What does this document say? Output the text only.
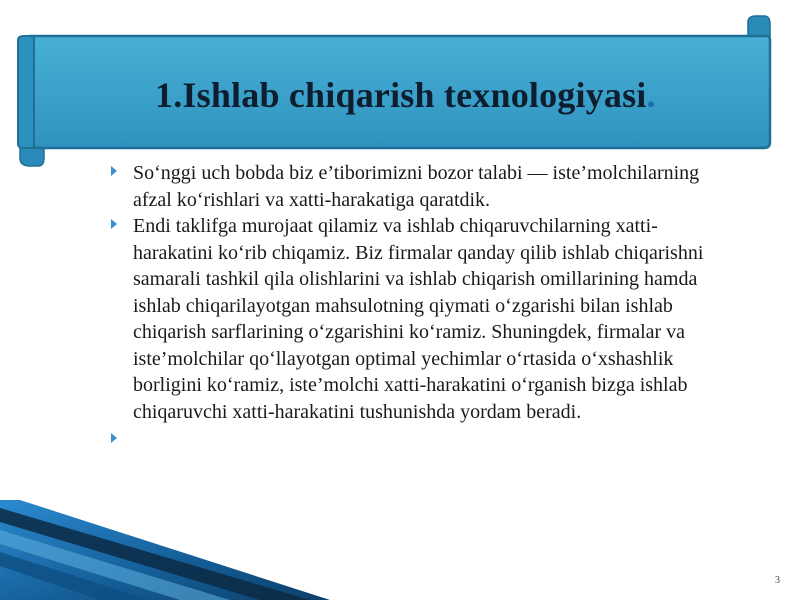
1.Ishlab chiqarish texnologiyasi.
So‘nggi uch bobda biz e’tiborimizni bozor talabi — iste’molchilarning afzal ko‘rishlari va xatti-harakatiga qaratdik.
Endi taklifga murojaat qilamiz va ishlab chiqaruvchilarning xatti-harakatini ko‘rib chiqamiz. Biz firmalar qanday qilib ishlab chiqarishni samarali tashkil qila olishlarini va ishlab chiqarish omillarining hamda ishlab chiqarilayotgan mahsulotning qiymati o‘zgarishi bilan ishlab chiqarish sarflarining o‘zgarishini ko‘ramiz. Shuningdek, firmalar va iste’molchilar qo‘llayotgan optimal yechimlar o‘rtasida o‘xshashlik borligini ko‘ramiz, iste’molchi xatti-harakatini o‘rganish bizga ishlab chiqaruvchi xatti-harakatini tushunishda yordam beradi.
3
